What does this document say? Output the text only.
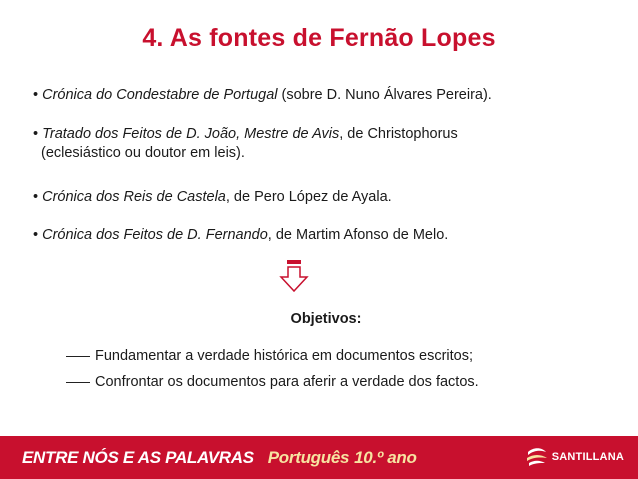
4. As fontes de Fernão Lopes
• Crónica do Condestabre de Portugal (sobre D. Nuno Álvares Pereira).
• Tratado dos Feitos de D. João, Mestre de Avis, de Christophorus
(eclesiástico ou doutor em leis).
• Crónica dos Reis de Castela, de Pero López de Ayala.
• Crónica dos Feitos de D. Fernando, de Martim Afonso de Melo.
Objetivos:
Fundamentar a verdade histórica em documentos escritos;
Confrontar os documentos para aferir a verdade dos factos.
ENTRE NÓS E AS PALAVRAS Português 10.º ano	SANTILLANA
